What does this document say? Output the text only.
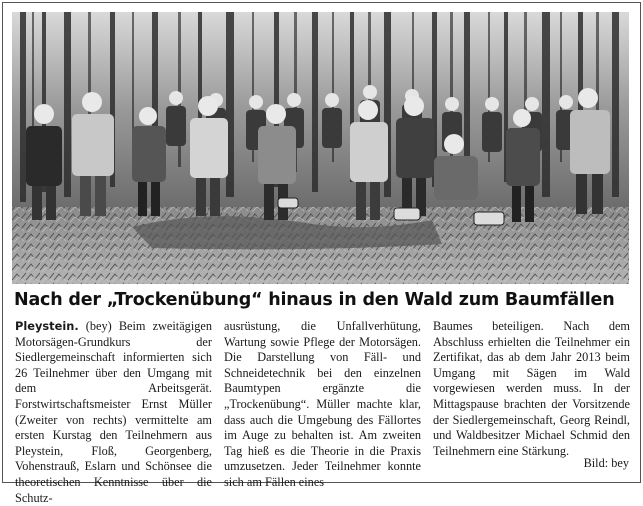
Nach der „Trockenübung“ hinaus in den Wald zum Baumfällen
Pleystein. (bey) Beim zweitägigen Motorsägen-Grundkurs der Siedlergemeinschaft informierten sich 26 Teilnehmer über den Umgang mit dem Arbeitsgerät. Forstwirtschaftsmeister Ernst Müller (Zweiter von rechts) vermittelte am ersten Kurstag den Teilnehmern aus Pleystein, Floß, Georgenberg, Vohenstrauß, Eslarn und Schönsee die theoretischen Kenntnisse über die Schutz-
ausrüstung, die Unfallverhütung, Wartung sowie Pflege der Motorsägen. Die Darstellung von Fäll- und Schneidetechnik bei den einzelnen Baumtypen ergänzte die „Trockenübung“. Müller machte klar, dass auch die Umgebung des Fällortes im Auge zu behalten ist. Am zweiten Tag hieß es die Theorie in die Praxis umzusetzen. Jeder Teilnehmer konnte sich am Fällen eines
Baumes beteiligen. Nach dem Abschluss erhielten die Teilnehmer ein Zertifikat, das ab dem Jahr 2013 beim Umgang mit Sägen im Wald vorgewiesen werden muss. In der Mittagspause brachten der Vorsitzende der Siedlergemeinschaft, Georg Reindl, und Waldbesitzer Michael Schmid den Teilnehmern eine Stärkung.
Bild: bey
